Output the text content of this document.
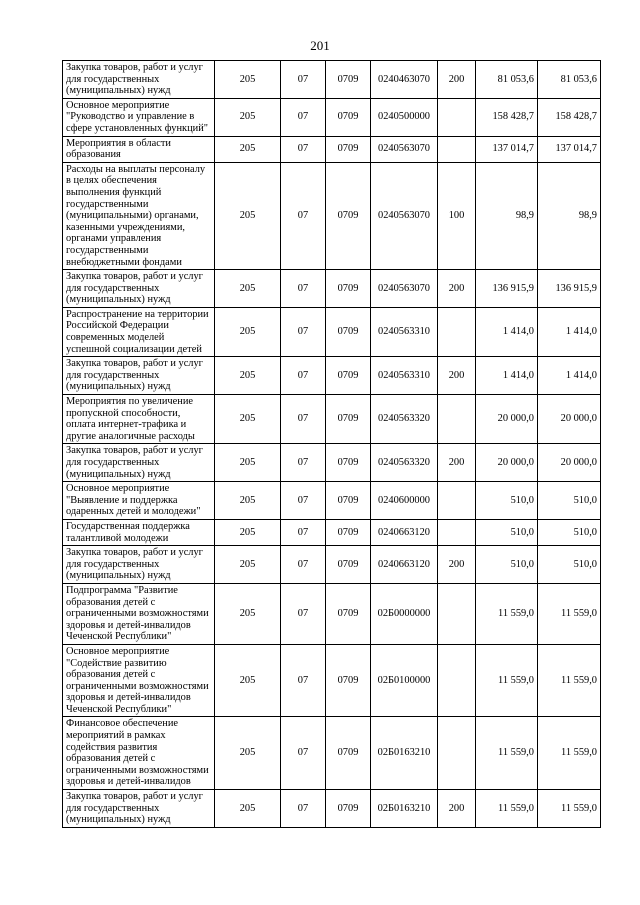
201
Закупка товаров, работ и услуг для государственных (муниципальных) нужд	205	07	0709	0240463070	200	81 053,6	81 053,6
Основное мероприятие "Руководство и управление в сфере установленных функций"	205	07	0709	0240500000		158 428,7	158 428,7
Мероприятия в области образования	205	07	0709	0240563070		137 014,7	137 014,7
Расходы на выплаты персоналу в целях обеспечения выполнения функций государственными (муниципальными) органами, казенными учреждениями, органами управления государственными внебюджетными фондами	205	07	0709	0240563070	100	98,9	98,9
Закупка товаров, работ и услуг для государственных (муниципальных) нужд	205	07	0709	0240563070	200	136 915,9	136 915,9
Распространение на территории Российской Федерации современных моделей успешной социализации детей	205	07	0709	0240563310		1 414,0	1 414,0
Закупка товаров, работ и услуг для государственных (муниципальных) нужд	205	07	0709	0240563310	200	1 414,0	1 414,0
Мероприятия по увеличение пропускной способности, оплата интернет-трафика и другие аналогичные расходы	205	07	0709	0240563320		20 000,0	20 000,0
Закупка товаров, работ и услуг для государственных (муниципальных) нужд	205	07	0709	0240563320	200	20 000,0	20 000,0
Основное мероприятие "Выявление и поддержка одаренных детей и молодежи"	205	07	0709	0240600000		510,0	510,0
Государственная поддержка талантливой молодежи	205	07	0709	0240663120		510,0	510,0
Закупка товаров, работ и услуг для государственных (муниципальных) нужд	205	07	0709	0240663120	200	510,0	510,0
Подпрограмма "Развитие образования детей с ограниченными возможностями здоровья и детей-инвалидов Чеченской Республики"	205	07	0709	02Б0000000		11 559,0	11 559,0
Основное мероприятие "Содействие развитию образования детей с ограниченными возможностями здоровья и детей-инвалидов Чеченской Республики"	205	07	0709	02Б0100000		11 559,0	11 559,0
Финансовое обеспечение мероприятий в рамках содействия развития образования детей с ограниченными возможностями здоровья и детей-инвалидов	205	07	0709	02Б0163210		11 559,0	11 559,0
Закупка товаров, работ и услуг для государственных (муниципальных) нужд	205	07	0709	02Б0163210	200	11 559,0	11 559,0
